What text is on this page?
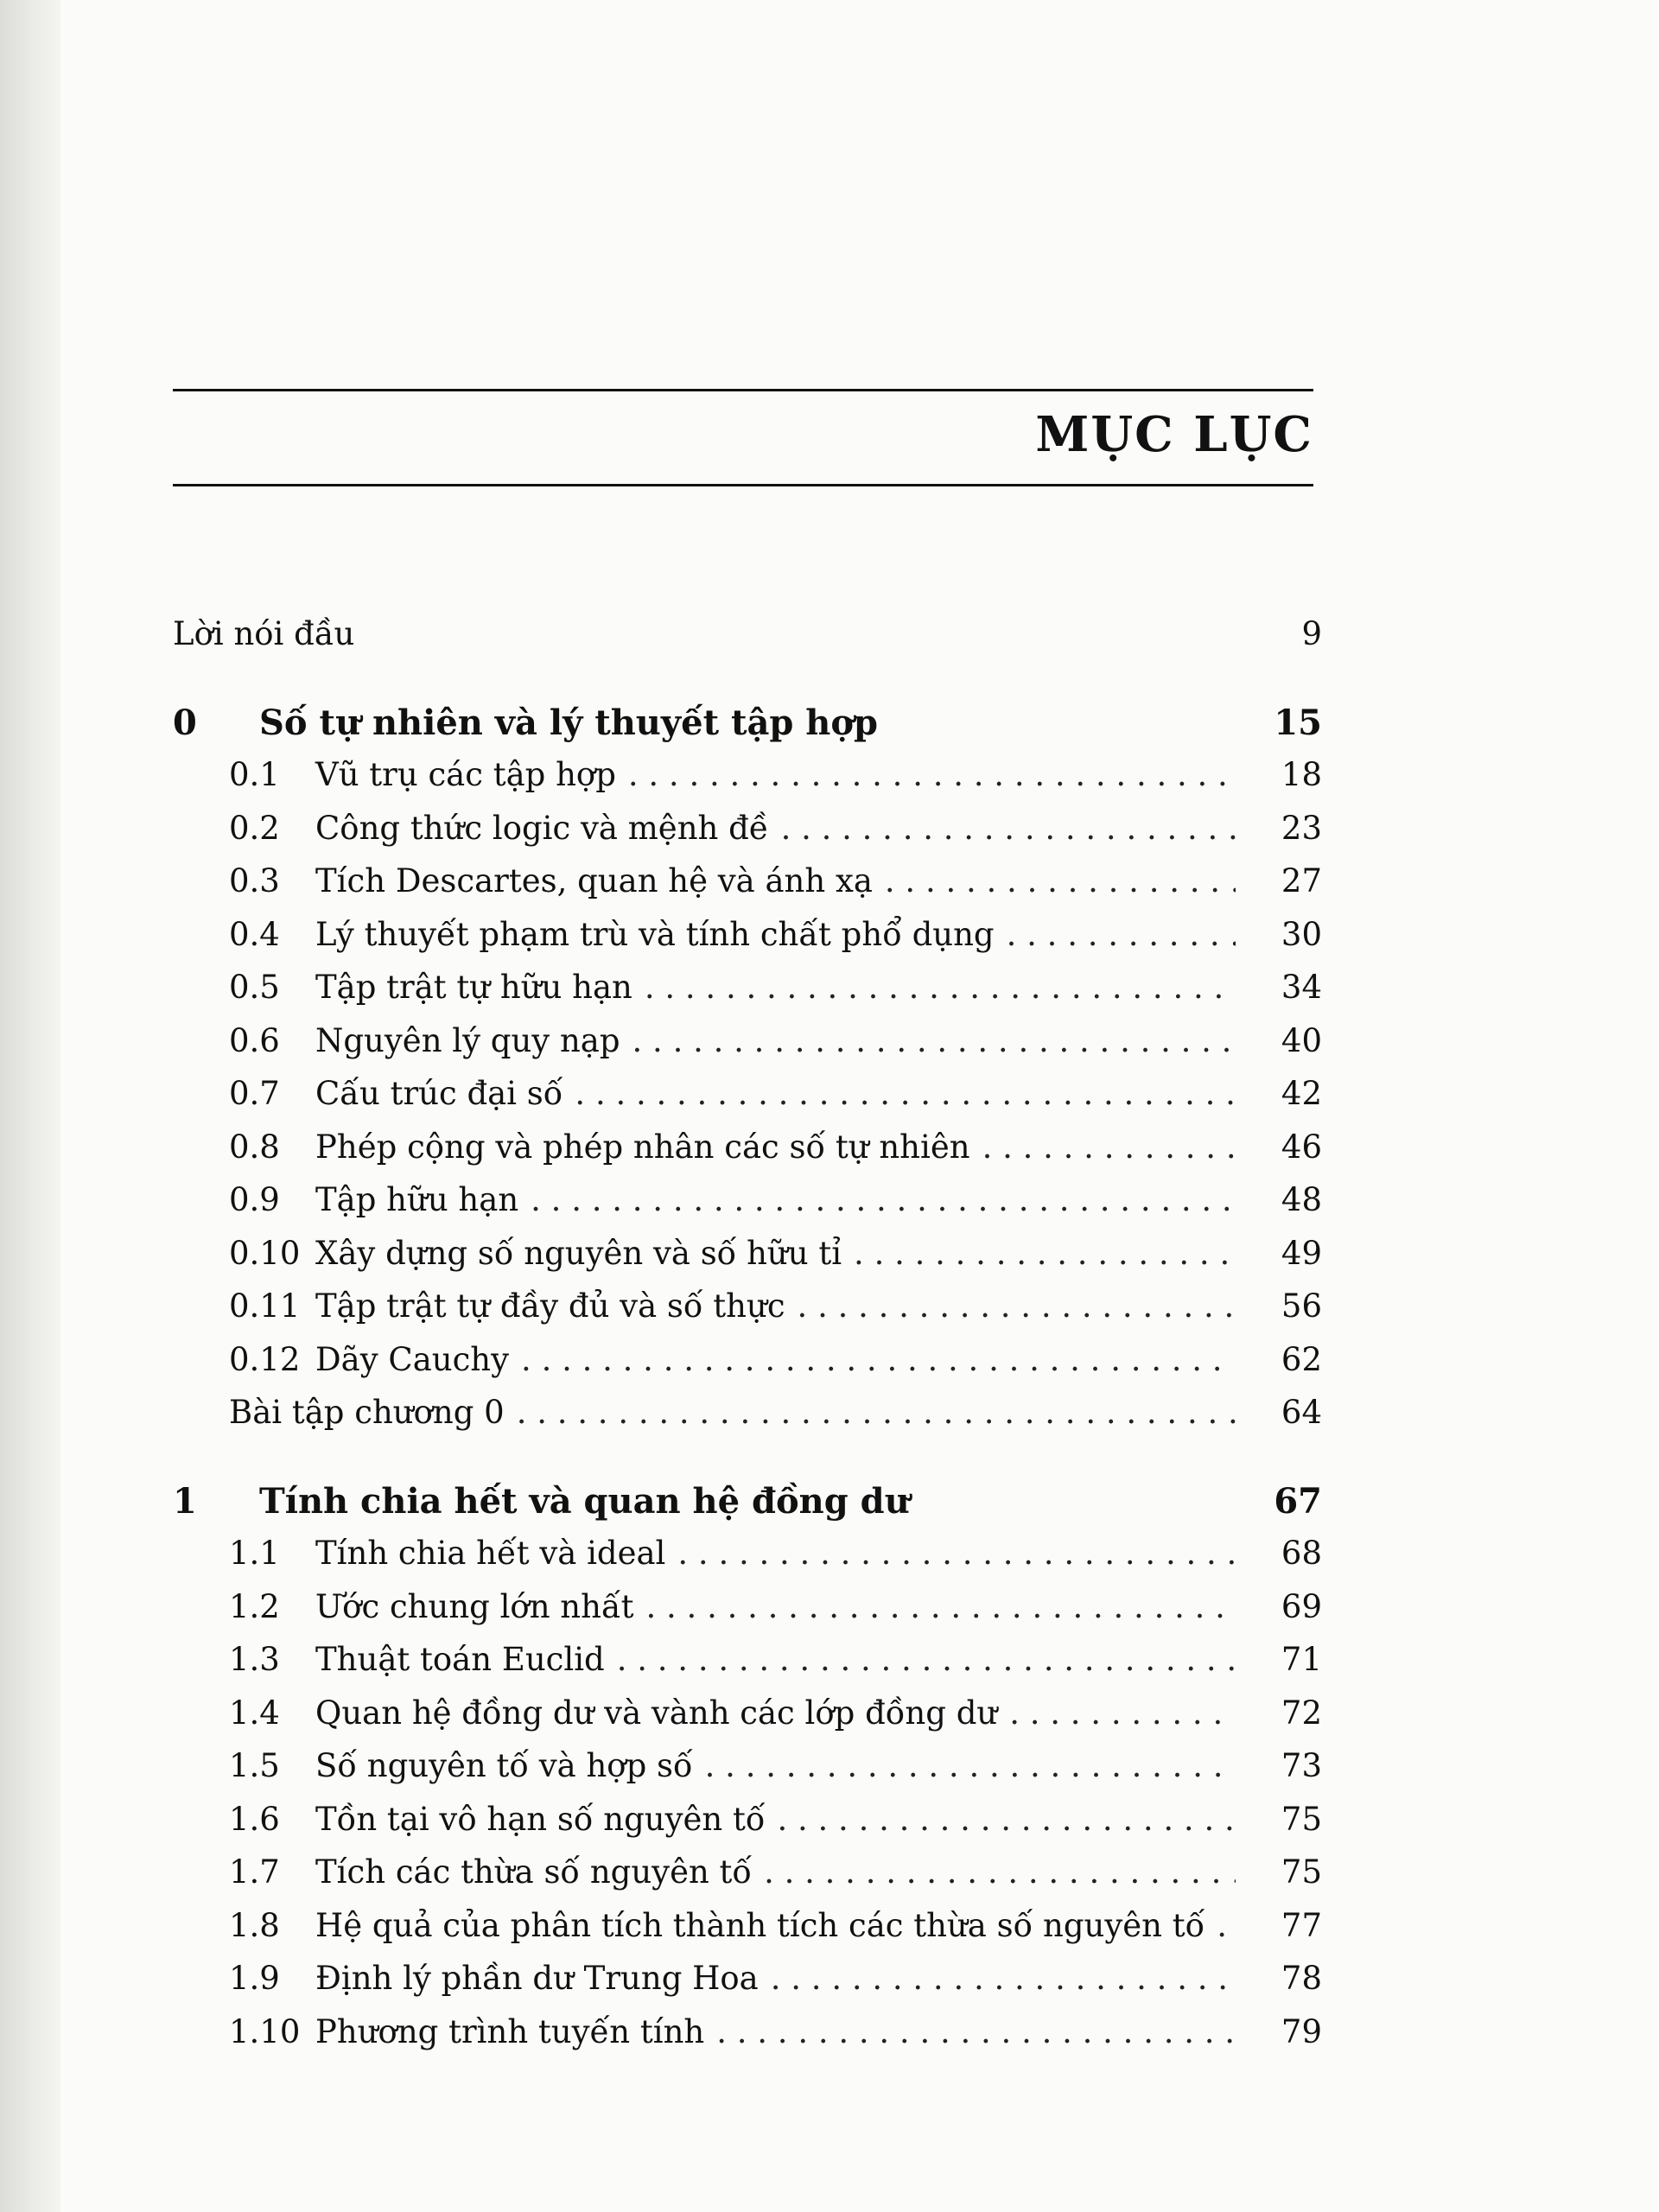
MỤC LỤC
Lời nói đầu	9
0	Số tự nhiên và lý thuyết tập hợp	15
0.1	Vũ trụ các tập hợp . . .	18
0.2	Công thức logic và mệnh đề . . .	23
0.3	Tích Descartes, quan hệ và ánh xạ . . .	27
0.4	Lý thuyết phạm trù và tính chất phổ dụng . . .	30
0.5	Tập trật tự hữu hạn . . .	34
0.6	Nguyên lý quy nạp . . .	40
0.7	Cấu trúc đại số . . .	42
0.8	Phép cộng và phép nhân các số tự nhiên . . .	46
0.9	Tập hữu hạn . . .	48
0.10 Xây dựng số nguyên và số hữu tỉ . . .	49
0.11 Tập trật tự đầy đủ và số thực . . .	56
0.12 Dãy Cauchy . . .	62
Bài tập chương 0 . . .	64
1	Tính chia hết và quan hệ đồng dư	67
1.1	Tính chia hết và ideal . . .	68
1.2	Ước chung lớn nhất . . .	69
1.3	Thuật toán Euclid . . .	71
1.4	Quan hệ đồng dư và vành các lớp đồng dư . . .	72
1.5	Số nguyên tố và hợp số . . .	73
1.6	Tồn tại vô hạn số nguyên tố . . .	75
1.7	Tích các thừa số nguyên tố . . .	75
1.8	Hệ quả của phân tích thành tích các thừa số nguyên tố . . .	77
1.9	Định lý phần dư Trung Hoa . . .	78
1.10 Phương trình tuyến tính . . .	79
